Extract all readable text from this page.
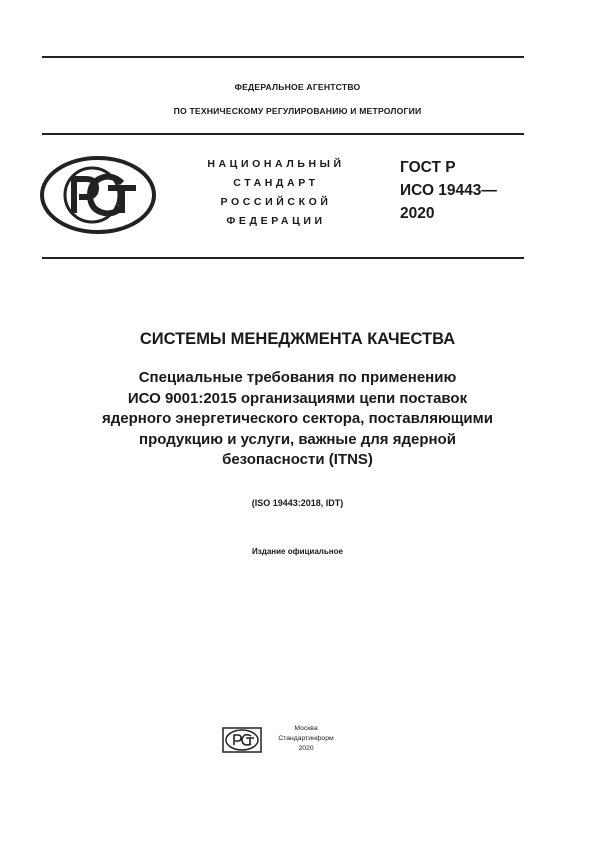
ФЕДЕРАЛЬНОЕ АГЕНТСТВО
ПО ТЕХНИЧЕСКОМУ РЕГУЛИРОВАНИЮ И МЕТРОЛОГИИ
НАЦИОНАЛЬНЫЙ
СТАНДАРТ
РОССИЙСКОЙ
ФЕДЕРАЦИИ
ГОСТ Р
ИСО 19443—
2020
СИСТЕМЫ МЕНЕДЖМЕНТА КАЧЕСТВА
Специальные требования по применению
ИСО 9001:2015 организациями цепи поставок
ядерного энергетического сектора, поставляющими
продукцию и услуги, важные для ядерной
безопасности (ITNS)
(ISO 19443:2018, IDT)
Издание официальное
Москва
Стандартинформ
2020
